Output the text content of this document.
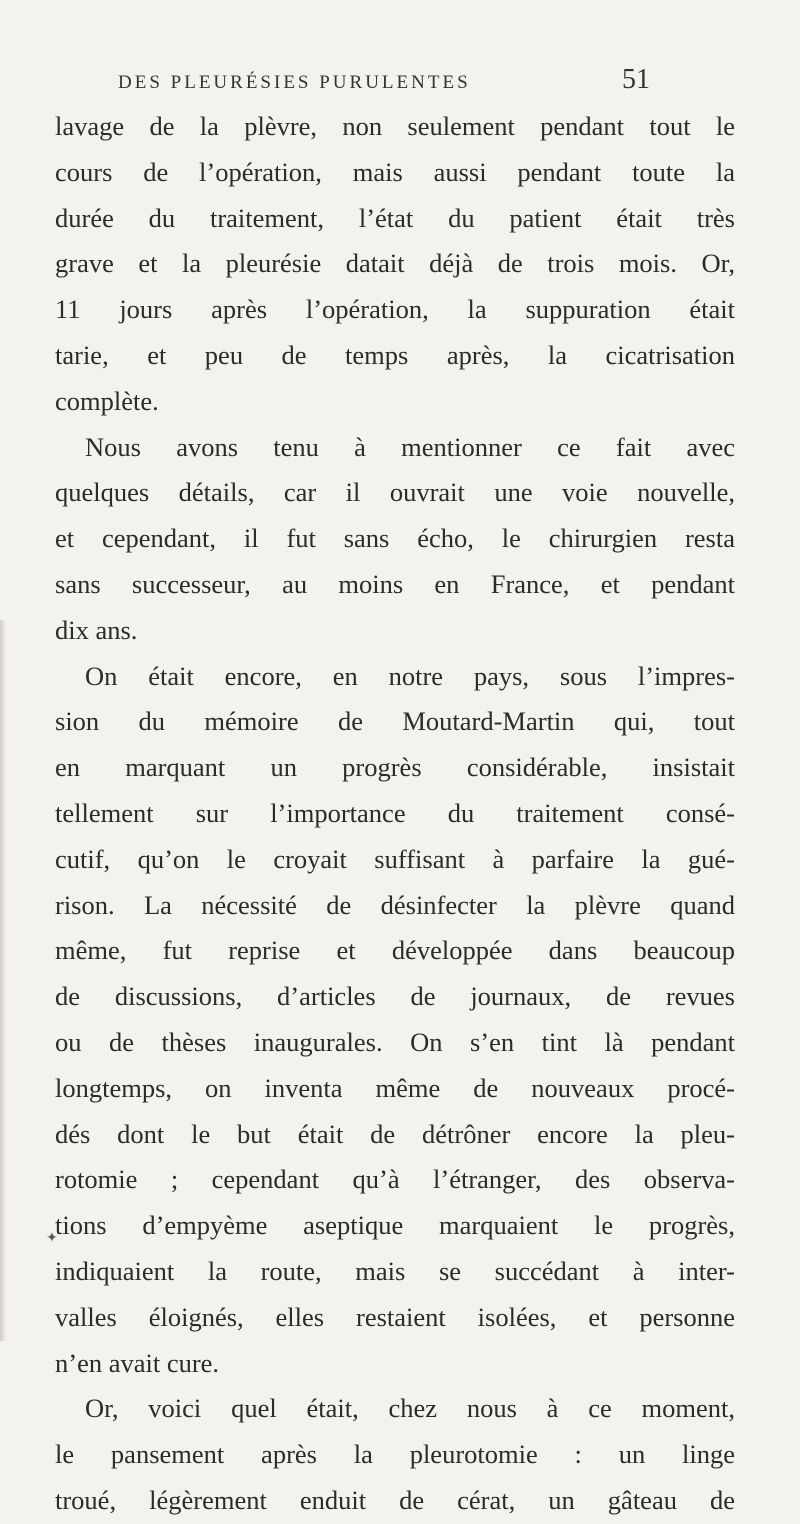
DES PLEURÉSIES PURULENTES	51
lavage de la plèvre, non seulement pendant tout le
cours de l’opération, mais aussi pendant toute la
durée du traitement, l’état du patient était très
grave et la pleurésie datait déjà de trois mois. Or,
11 jours après l’opération, la suppuration était
tarie, et peu de temps après, la cicatrisation
complète.
Nous avons tenu à mentionner ce fait avec
quelques détails, car il ouvrait une voie nouvelle,
et cependant, il fut sans écho, le chirurgien resta
sans successeur, au moins en France, et pendant
dix ans.
On était encore, en notre pays, sous l’impres-
sion du mémoire de Moutard-Martin qui, tout
en marquant un progrès considérable, insistait
tellement sur l’importance du traitement consé-
cutif, qu’on le croyait suffisant à parfaire la gué-
rison. La nécessité de désinfecter la plèvre quand
même, fut reprise et développée dans beaucoup
de discussions, d’articles de journaux, de revues
ou de thèses inaugurales. On s’en tint là pendant
longtemps, on inventa même de nouveaux procé-
dés dont le but était de détrôner encore la pleu-
rotomie ; cependant qu’à l’étranger, des observa-
tions d’empyème aseptique marquaient le progrès,
indiquaient la route, mais se succédant à inter-
valles éloignés, elles restaient isolées, et personne
n’en avait cure.
Or, voici quel était, chez nous à ce moment,
le pansement après la pleurotomie : un linge
troué, légèrement enduit de cérat, un gâteau de
✦
